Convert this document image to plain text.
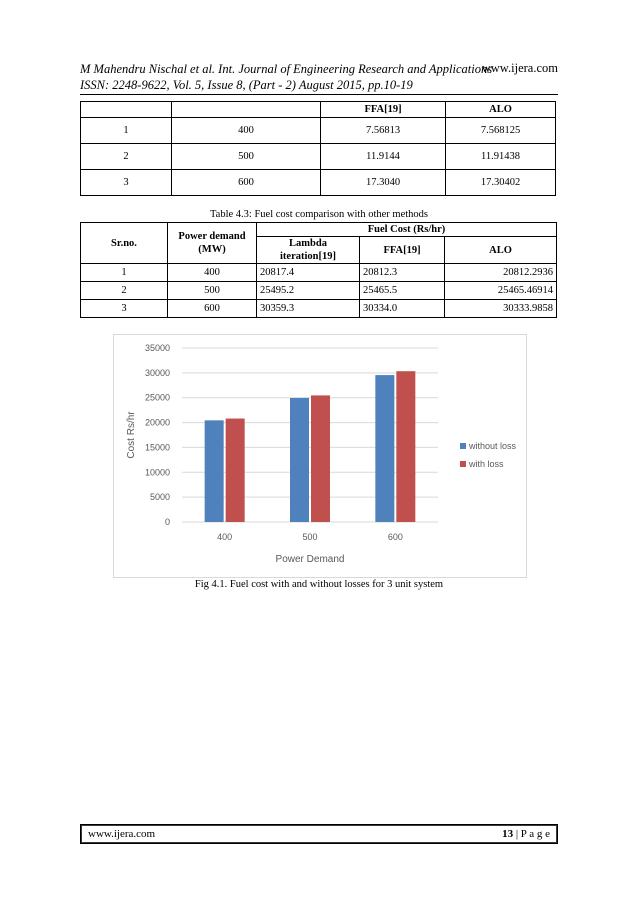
M Mahendru Nischal et al. Int. Journal of Engineering Research and Applications
ISSN: 2248-9622, Vol. 5, Issue 8, (Part - 2) August 2015, pp.10-19
www.ijera.com
		FFA[19]	ALO
1	400	7.56813	7.568125
2	500	11.9144	11.91438
3	600	17.3040	17.30402
Table 4.3: Fuel cost comparison with other methods
Sr.no.	Power demand (MW)	Fuel Cost (Rs/hr)		
		Lambda iteration[19]	FFA[19]	ALO
1	400	20817.4	20812.3	20812.2936
2	500	25495.2	25465.5	25465.46914
3	600	30359.3	30334.0	30333.9858
0
5000
10000
15000
20000
25000
30000
35000
400	500	600
Power Demand
Cost Rs/hr	without loss
with loss
Fig 4.1. Fuel cost with and without losses for 3 unit system
www.ijera.com	13 | P a g e
